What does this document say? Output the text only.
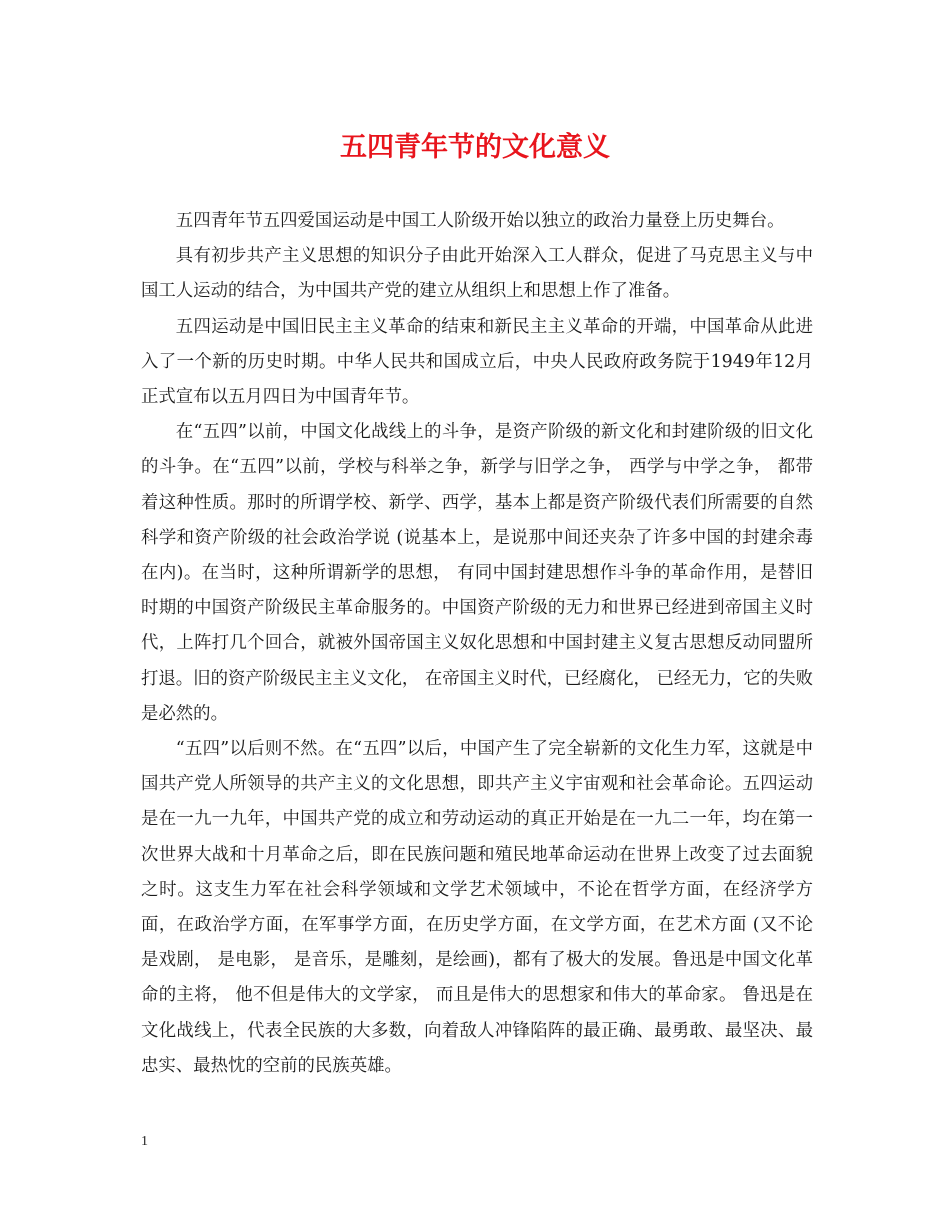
五四青年节的文化意义

五四青年节五四爱国运动是中国工人阶级开始以独立的政治力量登上历史舞台。

具有初步共产主义思想的知识分子由此开始深入工人群众，促进了马克思主义与中国工人运动的结合，为中国共产党的建立从组织上和思想上作了准备。

五四运动是中国旧民主主义革命的结束和新民主主义革命的开端，中国革命从此进入了一个新的历史时期。中华人民共和国成立后，中央人民政府政务院于1949年12月正式宣布以五月四日为中国青年节。

在“五四”以前，中国文化战线上的斗争，是资产阶级的新文化和封建阶级的旧文化的斗争。在“五四”以前，学校与科举之争，新学与旧学之争， 西学与中学之争， 都带着这种性质。那时的所谓学校、新学、西学，基本上都是资产阶级代表们所需要的自然科学和资产阶级的社会政治学说 (说基本上，是说那中间还夹杂了许多中国的封建余毒在内)。在当时，这种所谓新学的思想， 有同中国封建思想作斗争的革命作用，是替旧时期的中国资产阶级民主革命服务的。中国资产阶级的无力和世界已经进到帝国主义时代，上阵打几个回合，就被外国帝国主义奴化思想和中国封建主义复古思想反动同盟所打退。旧的资产阶级民主主义文化， 在帝国主义时代，已经腐化， 已经无力，它的失败是必然的。

“五四”以后则不然。在“五四”以后，中国产生了完全崭新的文化生力军，这就是中国共产党人所领导的共产主义的文化思想，即共产主义宇宙观和社会革命论。五四运动是在一九一九年，中国共产党的成立和劳动运动的真正开始是在一九二一年，均在第一次世界大战和十月革命之后，即在民族问题和殖民地革命运动在世界上改变了过去面貌之时。这支生力军在社会科学领域和文学艺术领域中，不论在哲学方面，在经济学方面，在政治学方面，在军事学方面，在历史学方面，在文学方面，在艺术方面 (又不论是戏剧， 是电影， 是音乐，是雕刻，是绘画)，都有了极大的发展。鲁迅是中国文化革命的主将， 他不但是伟大的文学家， 而且是伟大的思想家和伟大的革命家。 鲁迅是在文化战线上，代表全民族的大多数，向着敌人冲锋陷阵的最正确、最勇敢、最坚决、最忠实、最热忱的空前的民族英雄。

1
